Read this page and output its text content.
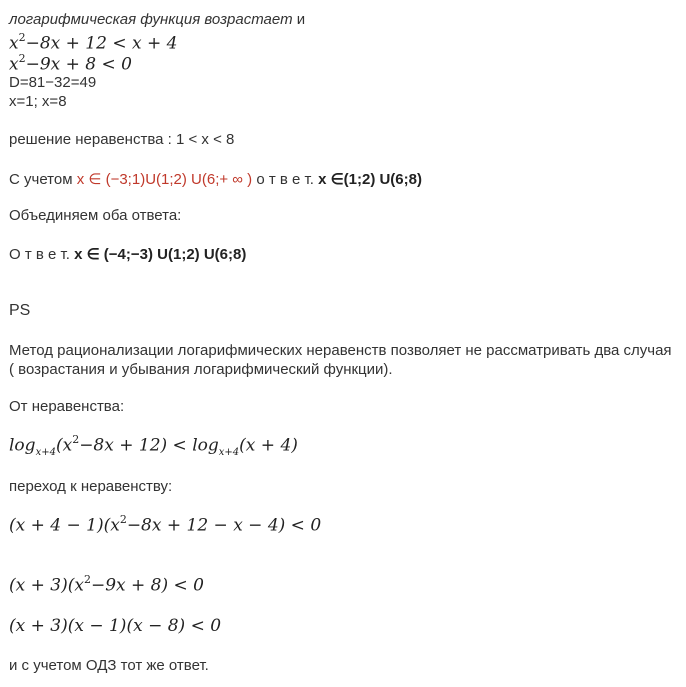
логарифмическая функция возрастает и
$x^2-8x + 12 < x + 4$
$x^2-9x + 8 < 0$
D=81−32=49
x=1; x=8
решение неравенства : 1 < x < 8
С учетом x ∈ (−3;1)U(1;2) U(6;+ ∞ ) о т в е т. x ∈(1;2) U(6;8)
Объединяем оба ответа:
О т в е т. x ∈ (−4;−3) U(1;2) U(6;8)
PS
Метод рационализации логарифмических неравенств позволяет не рассматривать два случая ( возрастания и убывания логарифмический функции).
От неравенства:
$\log_{x+4}(x^2-8x + 12) < \log_{x+4}(x + 4)$
переход к неравенству:
$(x + 4 - 1)(x^2-8x + 12 - x - 4) < 0$
$(x + 3)(x^2-9x + 8) < 0$
(x + 3)(x − 1)(x − 8) < 0
и с учетом ОДЗ тот же ответ.
